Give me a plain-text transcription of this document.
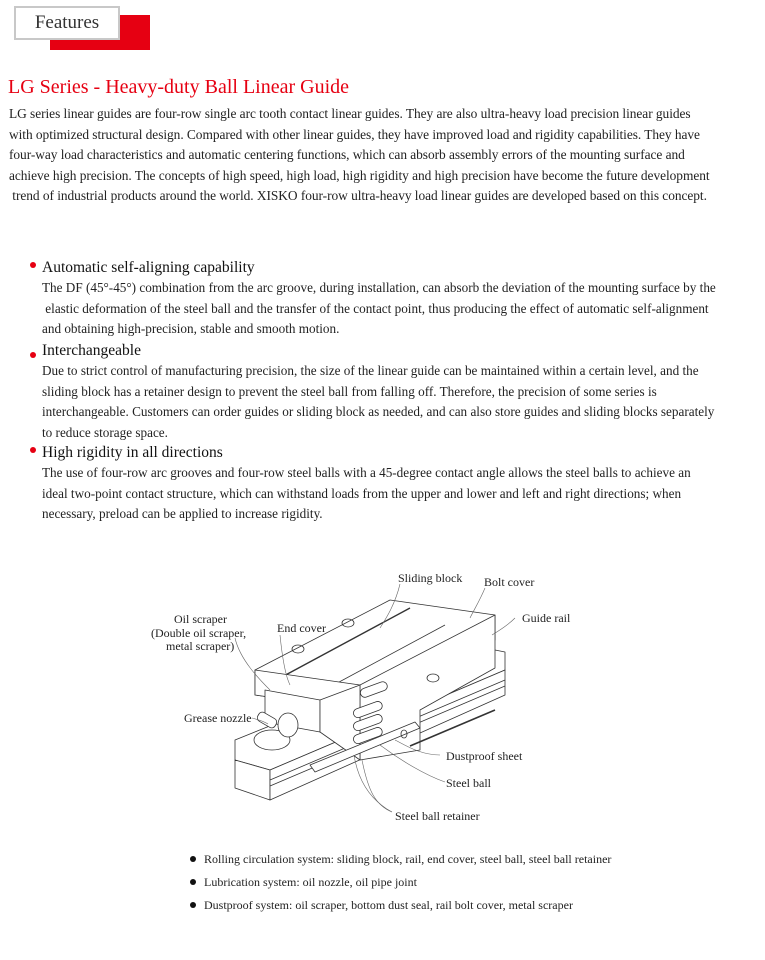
Features
LG Series - Heavy-duty Ball Linear Guide
LG series linear guides are four-row single arc tooth contact linear guides. They are also ultra-heavy load precision linear guides
with optimized structural design. Compared with other linear guides, they have improved load and rigidity capabilities. They have
four-way load characteristics and automatic centering functions, which can absorb assembly errors of the mounting surface and
achieve high precision. The concepts of high speed, high load, high rigidity and high precision have become the future development
trend of industrial products around the world. XISKO four-row ultra-heavy load linear guides are developed based on this concept.
Automatic self-aligning capability
The DF (45°-45°) combination from the arc groove, during installation, can absorb the deviation of the mounting surface by the
elastic deformation of the steel ball and the transfer of the contact point, thus producing the effect of automatic self-alignment
and obtaining high-precision, stable and smooth motion.
Interchangeable
Due to strict control of manufacturing precision, the size of the linear guide can be maintained within a certain level, and the
sliding block has a retainer design to prevent the steel ball from falling off. Therefore, the precision of some series is
interchangeable. Customers can order guides or sliding block as needed, and can also store guides and sliding blocks separately
to reduce storage space.
High rigidity in all directions
The use of four-row arc grooves and four-row steel balls with a 45-degree contact angle allows the steel balls to achieve an
ideal two-point contact structure, which can withstand loads from the upper and lower and left and right directions; when
necessary, preload can be applied to increase rigidity.
Sliding block Bolt cover
Guide rail
Oil scraper
(Double oil scraper,
metal scraper)
End cover
Grease nozzle
Dustproof sheet
Steel ball
Steel ball retainer
Rolling circulation system: sliding block, rail, end cover, steel ball, steel ball retainer
Lubrication system: oil nozzle, oil pipe joint
Dustproof system: oil scraper, bottom dust seal, rail bolt cover, metal scraper
